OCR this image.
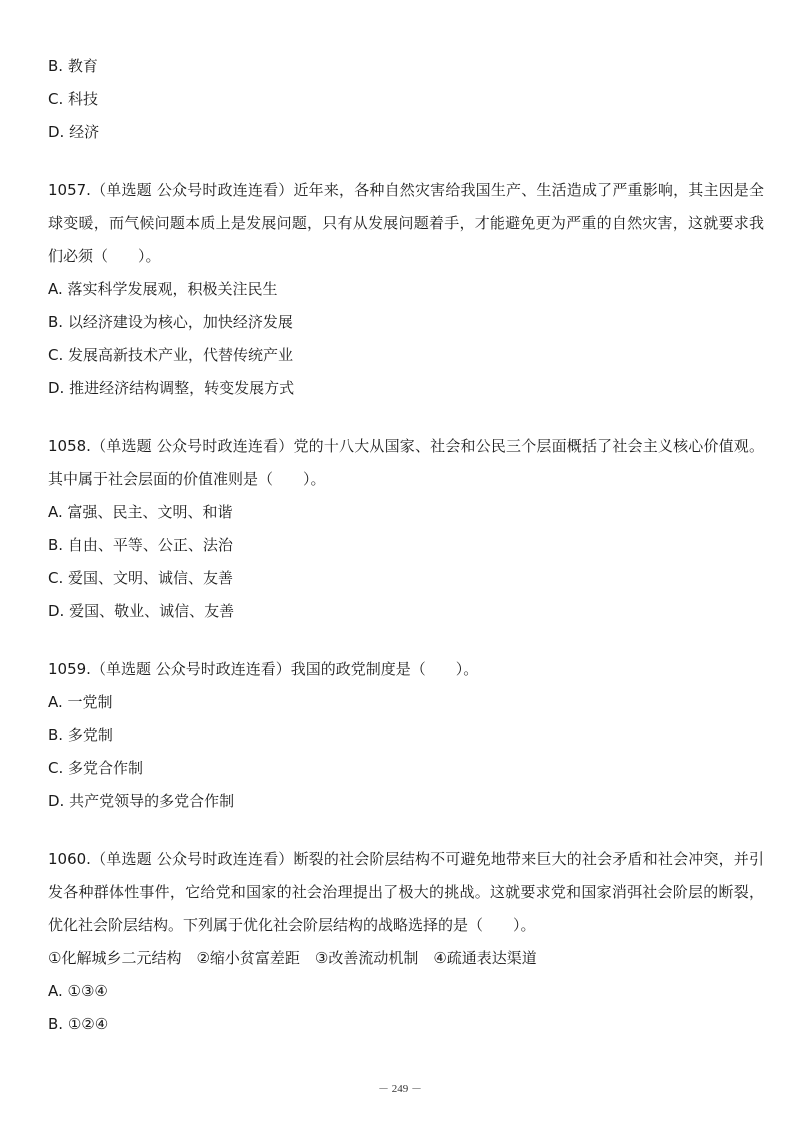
B. 教育
C. 科技
D. 经济
1057.（单选题 公众号时政连连看）近年来，各种自然灾害给我国生产、生活造成了严重影响，其主因是全球变暖，而气候问题本质上是发展问题，只有从发展问题着手，才能避免更为严重的自然灾害，这就要求我们必须（　　）。
A. 落实科学发展观，积极关注民生
B. 以经济建设为核心，加快经济发展
C. 发展高新技术产业，代替传统产业
D. 推进经济结构调整，转变发展方式
1058.（单选题 公众号时政连连看）党的十八大从国家、社会和公民三个层面概括了社会主义核心价值观。其中属于社会层面的价值准则是（　　）。
A. 富强、民主、文明、和谐
B. 自由、平等、公正、法治
C. 爱国、文明、诚信、友善
D. 爱国、敬业、诚信、友善
1059.（单选题 公众号时政连连看）我国的政党制度是（　　）。
A. 一党制
B. 多党制
C. 多党合作制
D. 共产党领导的多党合作制
1060.（单选题 公众号时政连连看）断裂的社会阶层结构不可避免地带来巨大的社会矛盾和社会冲突，并引发各种群体性事件，它给党和国家的社会治理提出了极大的挑战。这就要求党和国家消弭社会阶层的断裂，优化社会阶层结构。下列属于优化社会阶层结构的战略选择的是（　　）。
①化解城乡二元结构　②缩小贫富差距　③改善流动机制　④疏通表达渠道
A. ①③④
B. ①②④
－ 249 －
